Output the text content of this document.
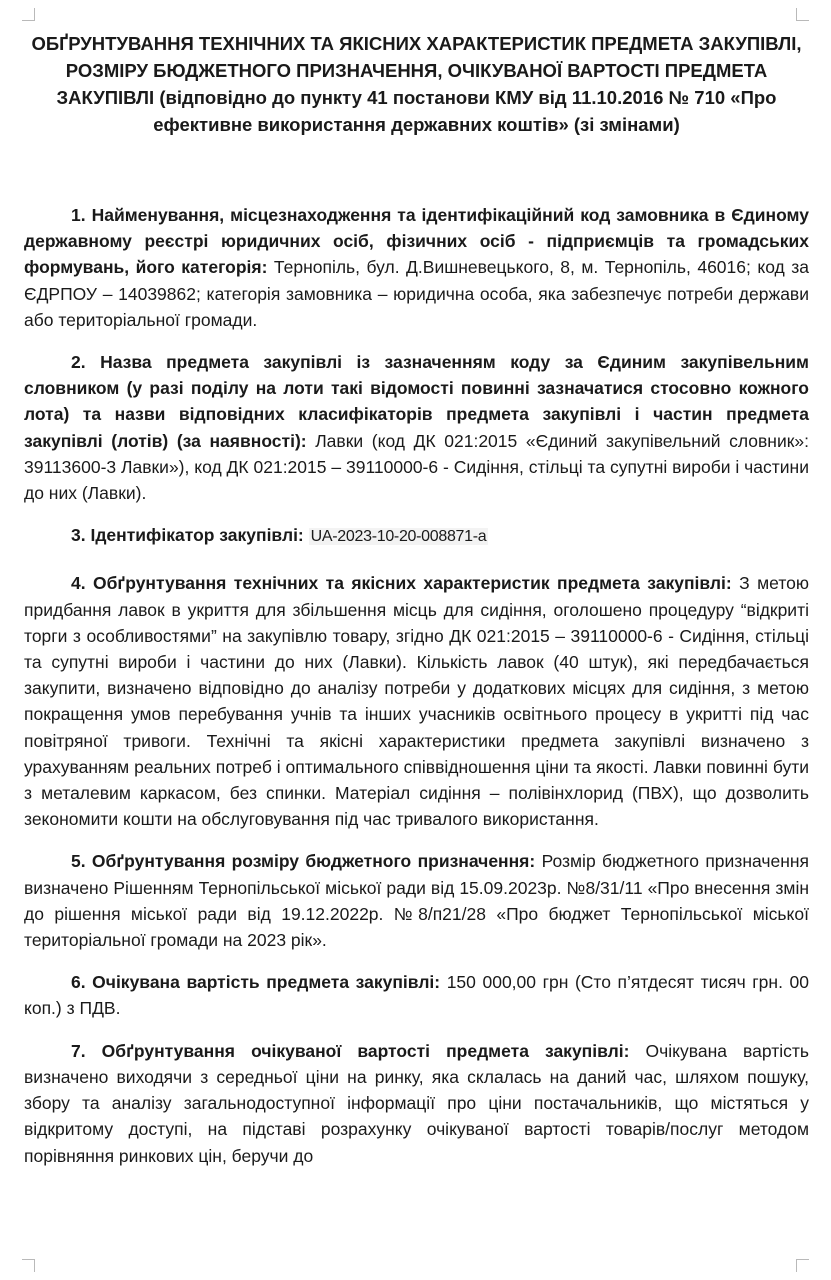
ОБҐРУНТУВАННЯ ТЕХНІЧНИХ ТА ЯКІСНИХ ХАРАКТЕРИСТИК ПРЕДМЕТА ЗАКУПІВЛІ, РОЗМІРУ БЮДЖЕТНОГО ПРИЗНАЧЕННЯ, ОЧІКУВАНОЇ ВАРТОСТІ ПРЕДМЕТА ЗАКУПІВЛІ (відповідно до пункту 41 постанови КМУ від 11.10.2016 № 710 «Про ефективне використання державних коштів» (зі змінами)

1. Найменування, місцезнаходження та ідентифікаційний код замовника в Єдиному державному реєстрі юридичних осіб, фізичних осіб - підприємців та громадських формувань, його категорія: Тернопіль, бул. Д.Вишневецького, 8, м. Тернопіль, 46016; код за ЄДРПОУ – 14039862; категорія замовника – юридична особа, яка забезпечує потреби держави або територіальної громади.

2. Назва предмета закупівлі із зазначенням коду за Єдиним закупівельним словником (у разі поділу на лоти такі відомості повинні зазначатися стосовно кожного лота) та назви відповідних класифікаторів предмета закупівлі і частин предмета закупівлі (лотів) (за наявності): Лавки (код ДК 021:2015 «Єдиний закупівельний словник»: 39113600-3 Лавки»), код ДК 021:2015 – 39110000-6 - Сидіння, стільці та супутні вироби і частини до них (Лавки).

3. Ідентифікатор закупівлі: UA-2023-10-20-008871-a

4. Обґрунтування технічних та якісних характеристик предмета закупівлі: З метою придбання лавок в укриття для збільшення місць для сидіння, оголошено процедуру “відкриті торги з особливостями” на закупівлю товару, згідно ДК 021:2015 – 39110000-6 - Сидіння, стільці та супутні вироби і частини до них (Лавки). Кількість лавок (40 штук), які передбачається закупити, визначено відповідно до аналізу потреби у додаткових місцях для сидіння, з метою покращення умов перебування учнів та інших учасників освітнього процесу в укритті під час повітряної тривоги. Технічні та якісні характеристики предмета закупівлі визначено з урахуванням реальних потреб і оптимального співвідношення ціни та якості. Лавки повинні бути з металевим каркасом, без спинки. Матеріал сидіння – полівінхлорид (ПВХ), що дозволить зекономити кошти на обслуговування під час тривалого використання.

5. Обґрунтування розміру бюджетного призначення: Розмір бюджетного призначення визначено Рішенням Тернопільської міської ради від 15.09.2023р. №8/31/11 «Про внесення змін до рішення міської ради від 19.12.2022р. №8/п21/28 «Про бюджет Тернопільської міської територіальної громади на 2023 рік».

6. Очікувана вартість предмета закупівлі: 150 000,00 грн (Сто п’ятдесят тисяч грн. 00 коп.) з ПДВ.

7. Обґрунтування очікуваної вартості предмета закупівлі: Очікувана вартість визначено виходячи з середньої ціни на ринку, яка склалась на даний час, шляхом пошуку, збору та аналізу загальнодоступної інформації про ціни постачальників, що містяться у відкритому доступі, на підставі розрахунку очікуваної вартості товарів/послуг методом порівняння ринкових цін, беручи до
